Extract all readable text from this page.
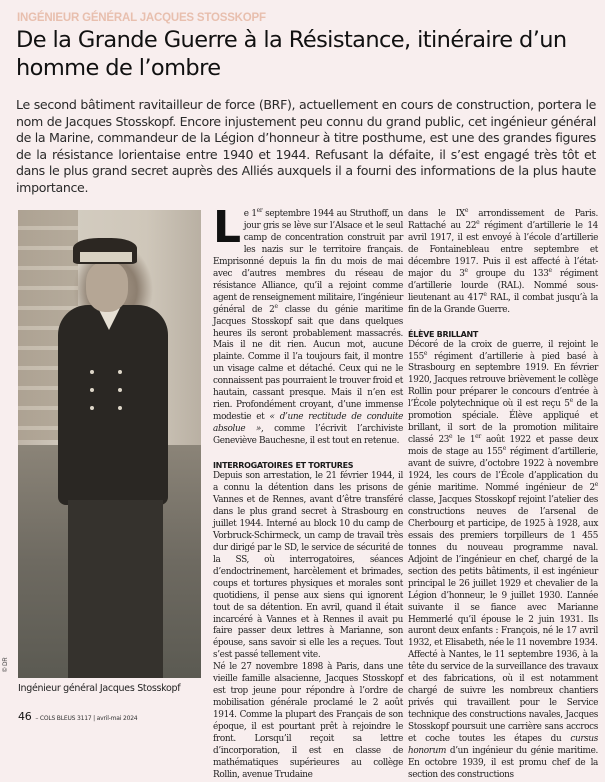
INGÉNIEUR GÉNÉRAL JACQUES STOSSKOPF
De la Grande Guerre à la Résistance, itinéraire d’un homme de l’ombre

Le second bâtiment ravitailleur de force (BRF), actuellement en cours de construction, portera le nom de Jacques Stosskopf. Encore injustement peu connu du grand public, cet ingénieur général de la Marine, commandeur de la Légion d’honneur à titre posthume, est une des grandes figures de la résistance lorientaise entre 1940 et 1944. Refusant la défaite, il s’est engagé très tôt et dans le plus grand secret auprès des Alliés auxquels il a fourni des informations de la plus haute importance.

© DR
Ingénieur général Jacques Stosskopf
46 – COLS BLEUS 3117 | avril-mai 2024

Le 1er septembre 1944 au Struthoff, un jour gris se lève sur l’Alsace et le seul camp de concentration construit par les nazis sur le territoire français. Emprisonné depuis la fin du mois de mai avec d’autres membres du réseau de résistance Alliance, qu’il a rejoint comme agent de renseignement militaire, l’ingénieur général de 2e classe du génie maritime Jacques Stosskopf sait que dans quelques heures ils seront probablement massacrés. Mais il ne dit rien. Aucun mot, aucune plainte. Comme il l’a toujours fait, il montre un visage calme et détaché. Ceux qui ne le connaissent pas pourraient le trouver froid et hautain, cassant presque. Mais il n’en est rien. Profondément croyant, d’une immense modestie et « d’une rectitude de conduite absolue », comme l’écrivit l’archiviste Geneviève Bauchesne, il est tout en retenue.

INTERROGATOIRES ET TORTURES

Depuis son arrestation, le 21 février 1944, il a connu la détention dans les prisons de Vannes et de Rennes, avant d’être transféré dans le plus grand secret à Strasbourg en juillet 1944. Interné au block 10 du camp de Vorbruck-Schirmeck, un camp de travail très dur dirigé par le SD, le service de sécurité de la SS, où interrogatoires, séances d’endoctrinement, harcèlement et brimades, coups et tortures physiques et morales sont quotidiens, il pense aux siens qui ignorent tout de sa détention. En avril, quand il était incarcéré à Vannes et à Rennes il avait pu faire passer deux lettres à Marianne, son épouse, sans savoir si elle les a reçues. Tout s’est passé tellement vite.

Né le 27 novembre 1898 à Paris, dans une vieille famille alsacienne, Jacques Stosskopf est trop jeune pour répondre à l’ordre de mobilisation générale proclamé le 2 août 1914. Comme la plupart des Français de son époque, il est pourtant prêt à rejoindre le front. Lorsqu’il reçoit sa lettre d’incorporation, il est en classe de mathématiques supérieures au collège Rollin, avenue Trudaine

dans le IXe arrondissement de Paris. Rattaché au 22e régiment d’artillerie le 14 avril 1917, il est envoyé à l’école d’artillerie de Fontainebleau entre septembre et décembre 1917. Puis il est affecté à l’état-major du 3e groupe du 133e régiment d’artillerie lourde (RAL). Nommé sous-lieutenant au 417e RAL, il combat jusqu’à la fin de la Grande Guerre.

ÉLÈVE BRILLANT

Décoré de la croix de guerre, il rejoint le 155e régiment d’artillerie à pied basé à Strasbourg en septembre 1919. En février 1920, Jacques retrouve brièvement le collège Rollin pour préparer le concours d’entrée à l’École polytechnique où il est reçu 5e de la promotion spéciale. Élève appliqué et brillant, il sort de la promotion militaire classé 23e le 1er août 1922 et passe deux mois de stage au 155e régiment d’artillerie, avant de suivre, d’octobre 1922 à novembre 1924, les cours de l’École d’application du génie maritime. Nommé ingénieur de 2e classe, Jacques Stosskopf rejoint l’atelier des constructions neuves de l’arsenal de Cherbourg et participe, de 1925 à 1928, aux essais des premiers torpilleurs de 1 455 tonnes du nouveau programme naval. Adjoint de l’ingénieur en chef, chargé de la section des petits bâtiments, il est ingénieur principal le 26 juillet 1929 et chevalier de la Légion d’honneur, le 9 juillet 1930. L’année suivante il se fiance avec Marianne Hemmerlé qu’il épouse le 2 juin 1931. Ils auront deux enfants : François, né le 17 avril 1932, et Elisabeth, née le 11 novembre 1934.

Affecté à Nantes, le 11 septembre 1936, à la tête du service de la surveillance des travaux et des fabrications, où il est notamment chargé de suivre les nombreux chantiers privés qui travaillent pour le Service technique des constructions navales, Jacques Stosskopf poursuit une carrière sans accrocs et coche toutes les étapes du cursus honorum d’un ingénieur du génie maritime. En octobre 1939, il est promu chef de la section des constructions
